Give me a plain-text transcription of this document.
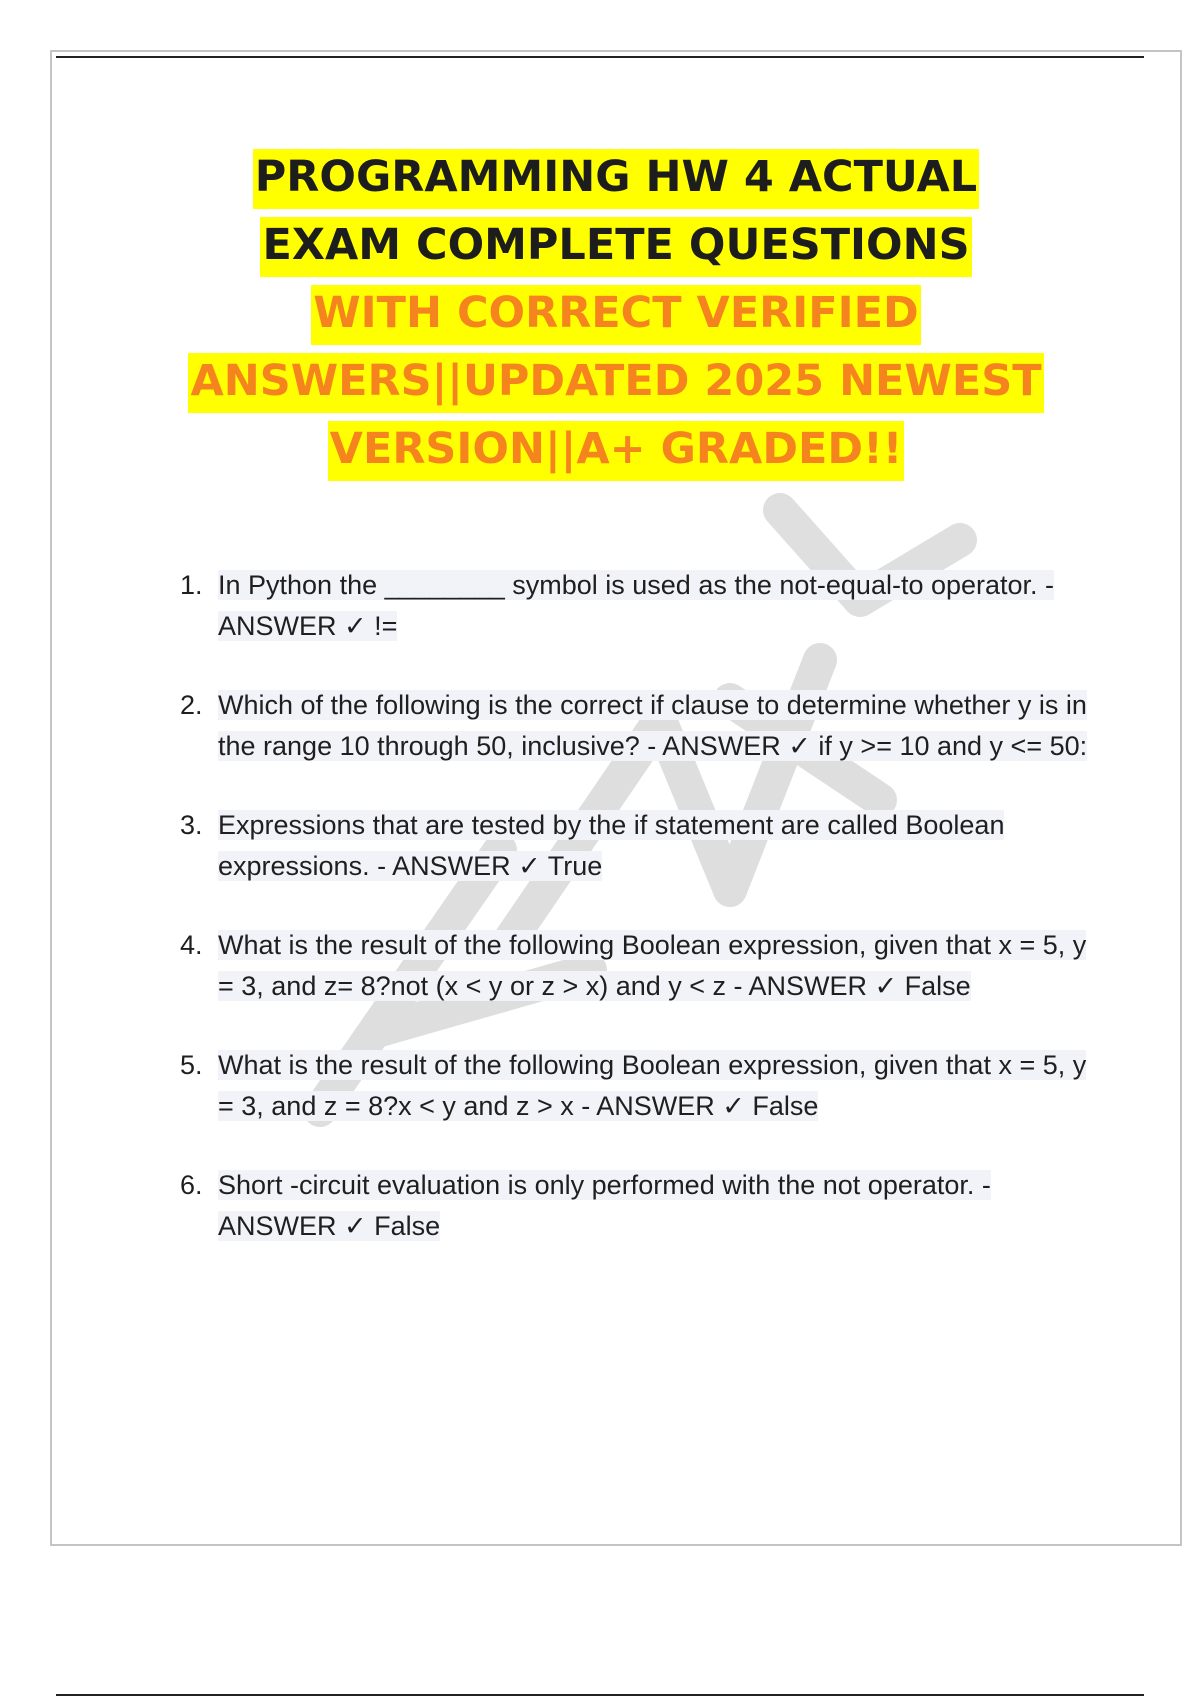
PROGRAMMING HW 4 ACTUAL
EXAM COMPLETE QUESTIONS
WITH CORRECT VERIFIED
ANSWERS||UPDATED 2025 NEWEST
VERSION||A+ GRADED!!
1. In Python the ________ symbol is used as the not-equal-to operator. - ANSWER ✓ !=
2. Which of the following is the correct if clause to determine whether y is in the range 10 through 50, inclusive? - ANSWER ✓ if y >= 10 and y <= 50:
3. Expressions that are tested by the if statement are called Boolean expressions. - ANSWER ✓ True
4. What is the result of the following Boolean expression, given that x = 5, y = 3, and z= 8?not (x < y or z > x) and y < z - ANSWER ✓ False
5. What is the result of the following Boolean expression, given that x = 5, y = 3, and z = 8?x < y and z > x - ANSWER ✓ False
6. Short -circuit evaluation is only performed with the not operator. - ANSWER ✓ False
